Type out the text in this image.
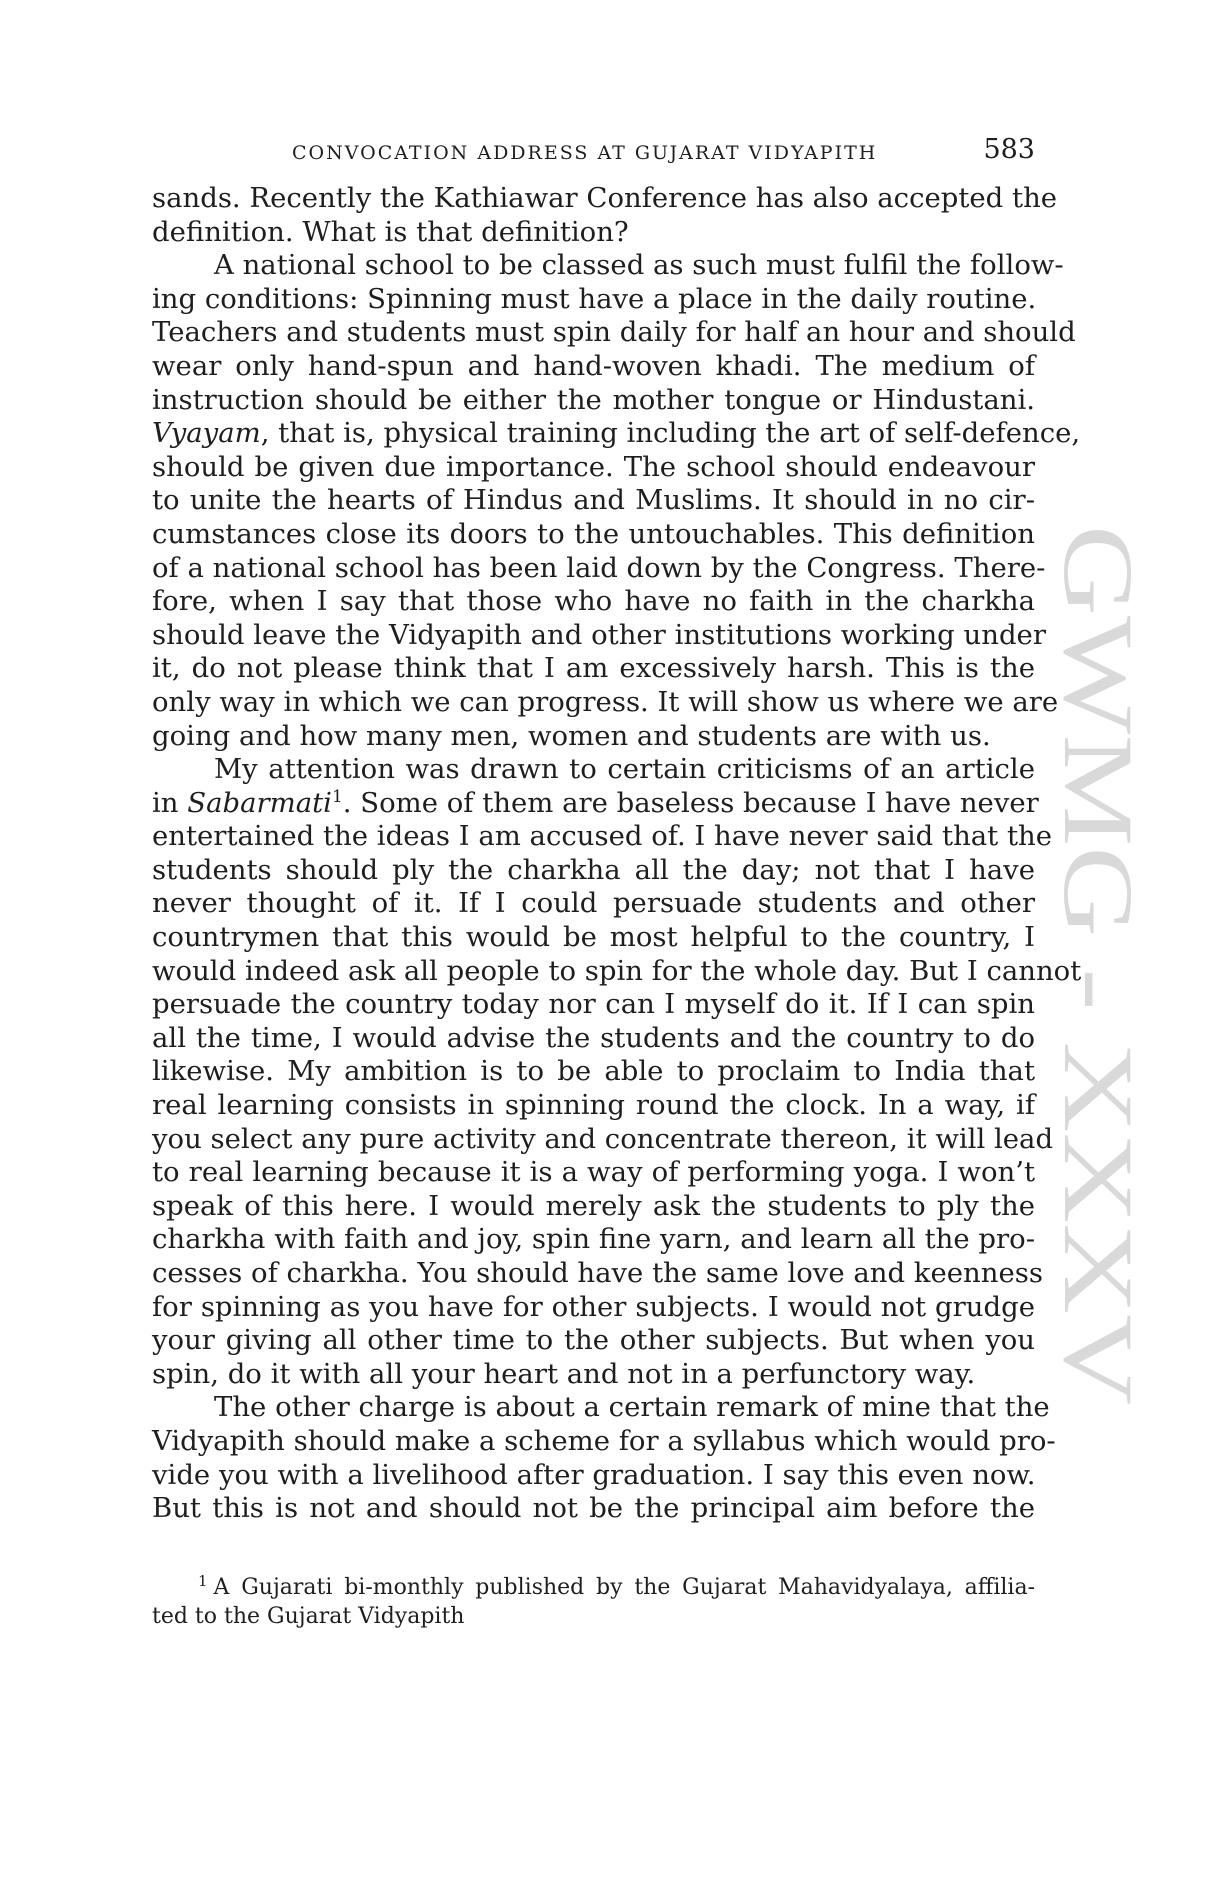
CONVOCATION ADDRESS AT GUJARAT VIDYAPITH	583
sands. Recently the Kathiawar Conference has also accepted the
definition. What is that definition?
A national school to be classed as such must fulfil the follow-
ing conditions: Spinning must have a place in the daily routine.
Teachers and students must spin daily for half an hour and should
wear only hand-spun and hand-woven khadi. The medium of
instruction should be either the mother tongue or Hindustani.
Vyayam, that is, physical training including the art of self-defence,
should be given due importance. The school should endeavour
to unite the hearts of Hindus and Muslims. It should in no cir-
cumstances close its doors to the untouchables. This definition
of a national school has been laid down by the Congress. There-
fore, when I say that those who have no faith in the charkha
should leave the Vidyapith and other institutions working under
it, do not please think that I am excessively harsh. This is the
only way in which we can progress. It will show us where we are
going and how many men, women and students are with us.
My attention was drawn to certain criticisms of an article
in Sabarmati$^1$. Some of them are baseless because I have never
entertained the ideas I am accused of. I have never said that the
students should ply the charkha all the day; not that I have
never thought of it. If I could persuade students and other
countrymen that this would be most helpful to the country, I
would indeed ask all people to spin for the whole day. But I cannot
persuade the country today nor can I myself do it. If I can spin
all the time, I would advise the students and the country to do
likewise. My ambition is to be able to proclaim to India that
real learning consists in spinning round the clock. In a way, if
you select any pure activity and concentrate thereon, it will lead
to real learning because it is a way of performing yoga. I won’t
speak of this here. I would merely ask the students to ply the
charkha with faith and joy, spin fine yarn, and learn all the pro-
cesses of charkha. You should have the same love and keenness
for spinning as you have for other subjects. I would not grudge
your giving all other time to the other subjects. But when you
spin, do it with all your heart and not in a perfunctory way.
The other charge is about a certain remark of mine that the
Vidyapith should make a scheme for a syllabus which would pro-
vide you with a livelihood after graduation. I say this even now.
But this is not and should not be the principal aim before the
$^1$ A Gujarati bi-monthly published by the Gujarat Mahavidyalaya, affilia-
ted to the Gujarat Vidyapith
GWMG - XXXV
